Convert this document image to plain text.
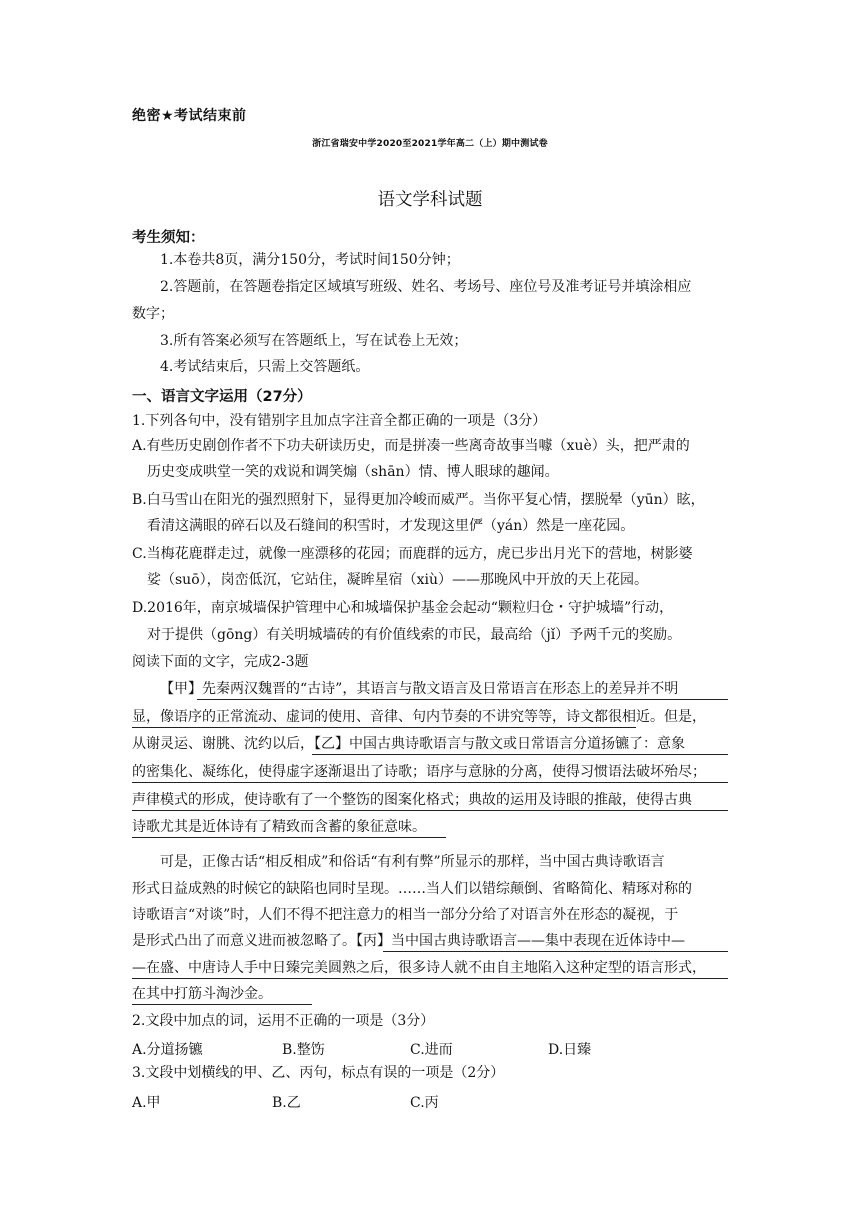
绝密★考试结束前
浙江省瑞安中学2020至2021学年高二（上）期中测试卷
语文学科试题
考生须知：
1.本卷共8页，满分150分，考试时间150分钟；
2.答题前，在答题卷指定区域填写班级、姓名、考场号、座位号及准考证号并填涂相应
数字；
3.所有答案必须写在答题纸上，写在试卷上无效；
4.考试结束后，只需上交答题纸。
一、语言文字运用（27分）
1.下列各句中，没有错别字且加点字注音全都正确的一项是（3分）
A.有些历史剧创作者不下功夫研读历史，而是拼凑一些离奇故事当噱（xuè）头，把严肃的
历史变成哄堂一笑的戏说和调笑煽（shān）情、博人眼球的趣闻。
B.白马雪山在阳光的强烈照射下，显得更加冷峻而威严。当你平复心情，摆脱晕（yūn）眩，
看清这满眼的碎石以及石缝间的积雪时，才发现这里俨（yán）然是一座花园。
C.当梅花鹿群走过，就像一座漂移的花园；而鹿群的远方，虎已步出月光下的营地，树影婆
娑（suō），岗峦低沉，它站住，凝眸星宿（xiù）——那晚风中开放的天上花园。
D.2016年，南京城墙保护管理中心和城墙保护基金会起动“颗粒归仓・守护城墙”行动，
对于提供（gōng）有关明城墙砖的有价值线索的市民，最高给（jǐ）予两千元的奖励。
阅读下面的文字，完成2-3题
【甲】先秦两汉魏晋的“古诗”，其语言与散文语言及日常语言在形态上的差异并不明
显，像语序的正常流动、虚词的使用、音律、句内节奏的不讲究等等，诗文都很相近。但是，
从谢灵运、谢朓、沈约以后，【乙】中国古典诗歌语言与散文或日常语言分道扬镳了：意象
的密集化、凝练化，使得虚字逐渐退出了诗歌；语序与意脉的分离，使得习惯语法破坏殆尽；
声律模式的形成，使诗歌有了一个整饬的图案化格式；典故的运用及诗眼的推敲，使得古典
诗歌尤其是近体诗有了精致而含蓄的象征意味。
可是，正像古话“相反相成”和俗话“有利有弊”所显示的那样，当中国古典诗歌语言
形式日益成熟的时候它的缺陷也同时呈现。……当人们以错综颠倒、省略简化、精琢对称的
诗歌语言“对谈”时，人们不得不把注意力的相当一部分分给了对语言外在形态的凝视，于
是形式凸出了而意义进而被忽略了。【丙】当中国古典诗歌语言——集中表现在近体诗中—
—在盛、中唐诗人手中日臻完美圆熟之后，很多诗人就不由自主地陷入这种定型的语言形式，
在其中打筋斗淘沙金。
2.文段中加点的词，运用不正确的一项是（3分）
A.分道扬镳	B.整饬	C.进而	D.日臻
3.文段中划横线的甲、乙、丙句，标点有误的一项是（2分）
A.甲	B.乙	C.丙
